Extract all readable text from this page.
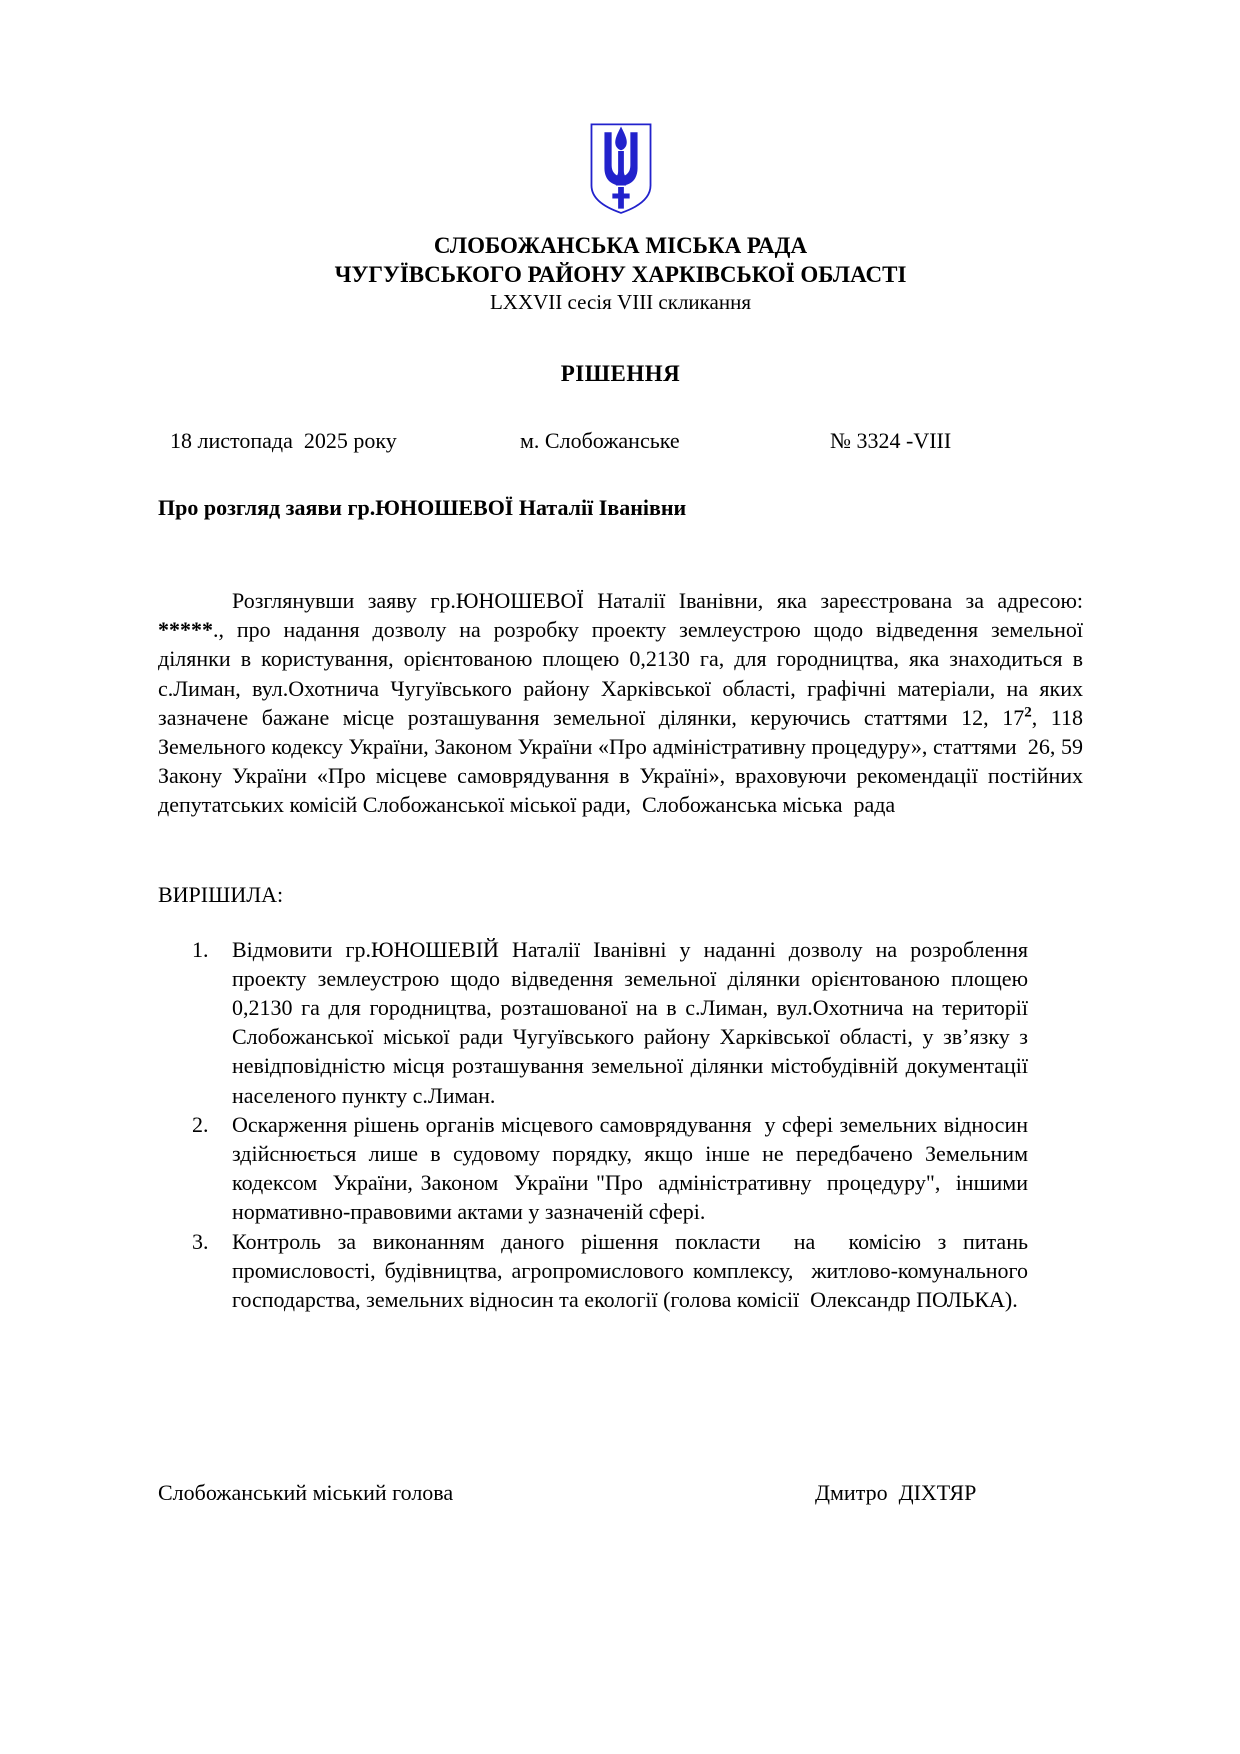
СЛОБОЖАНСЬКА МІСЬКА РАДА
ЧУГУЇВСЬКОГО РАЙОНУ ХАРКІВСЬКОЇ ОБЛАСТІ
LXXVII сесія VIII скликання
РІШЕННЯ
18 листопада  2025 року	м. Слобожанське	№ 3324 -VIII
Про розгляд заяви гр.ЮНОШЕВОЇ Наталії Іванівни

Розглянувши заяву гр.ЮНОШЕВОЇ Наталії Іванівни, яка зареєстрована за адресою: *****., про надання дозволу на розробку проекту землеустрою щодо відведення земельної ділянки в користування, орієнтованою площею 0,2130 га, для городництва, яка знаходиться в с.Лиман, вул.Охотнича Чугуївського району Харківської області, графічні матеріали, на яких зазначене бажане місце розташування земельної ділянки, керуючись статтями 12, $17^2$, 118 Земельного кодексу України, Законом України «Про адміністративну процедуру», статтями  26, 59 Закону України «Про місцеве самоврядування в Україні», враховуючи рекомендації постійних депутатських комісій Слобожанської міської ради,  Слобожанська міська  рада

ВИРІШИЛА:
Відмовити гр.ЮНОШЕВІЙ Наталії Іванівні у наданні дозволу на розроблення проекту землеустрою щодо відведення земельної ділянки орієнтованою площею 0,2130 га для городництва, розташованої на в с.Лиман, вул.Охотнича на території Слобожанської міської ради Чугуївського району Харківської області, у зв’язку з невідповідністю місця розташування земельної ділянки містобудівній документації населеного пункту с.Лиман.
Оскарження рішень органів місцевого самоврядування  у сфері земельних відносин здійснюється лише в судовому порядку, якщо інше не передбачено Земельним кодексом  України, Законом  України "Про  адміністративну  процедуру",  іншими нормативно-правовими актами у зазначеній сфері.
Контроль за виконанням даного рішення покласти  на  комісію з питань промисловості, будівництва, агропромислового комплексу,  житлово-комунального господарства, земельних відносин та екології (голова комісії  Олександр ПОЛЬКА).
Слобожанський міський голова	Дмитро  ДІХТЯР
